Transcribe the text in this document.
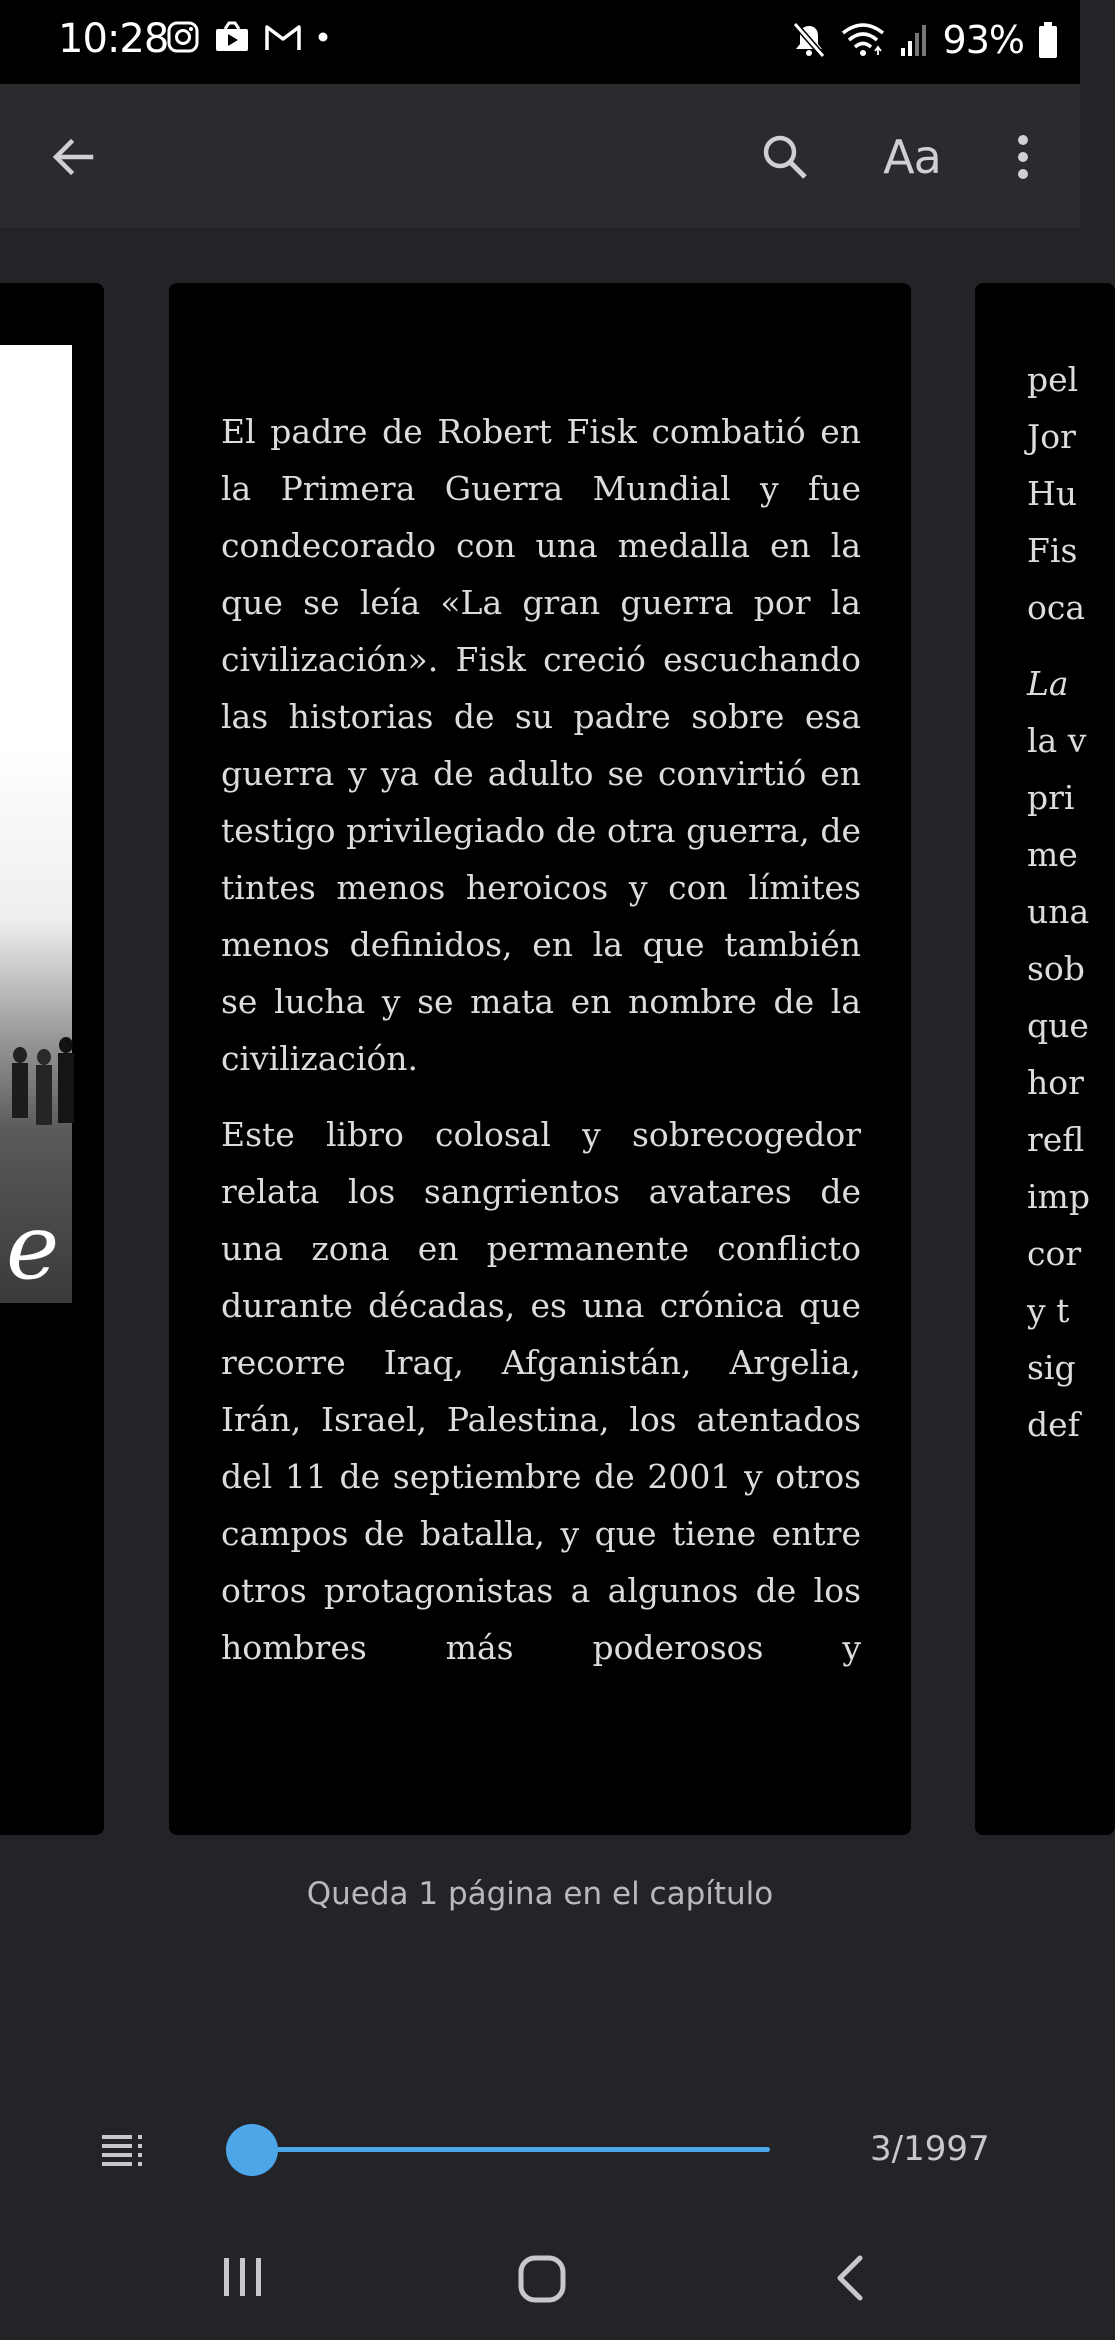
10:28	93%
Aa
e

El padre de Robert Fisk combatió en la Primera Guerra Mundial y fue condecorado con una medalla en la que se leía «La gran guerra por la civilización». Fisk creció escuchando las historias de su padre sobre esa guerra y ya de adulto se convirtió en testigo privilegiado de otra guerra, de tintes menos heroicos y con límites menos definidos, en la que también se lucha y se mata en nombre de la civilización.

Este libro colosal y sobrecogedor relata los sangrientos avatares de una zona en permanente conflicto durante décadas, es una crónica que recorre Iraq, Afganistán, Argelia, Irán, Israel, Palestina, los atentados del 11 de septiembre de 2001 y otros campos de batalla, y que tiene entre otros protagonistas a algunos de los hombres más poderosos y

pel
Jor
Hu
Fis
oca
La
la v
pri
me
una
sob
que
hor
refl
imp
cor
y t
sig
def
Queda 1 página en el capítulo
3/1997
